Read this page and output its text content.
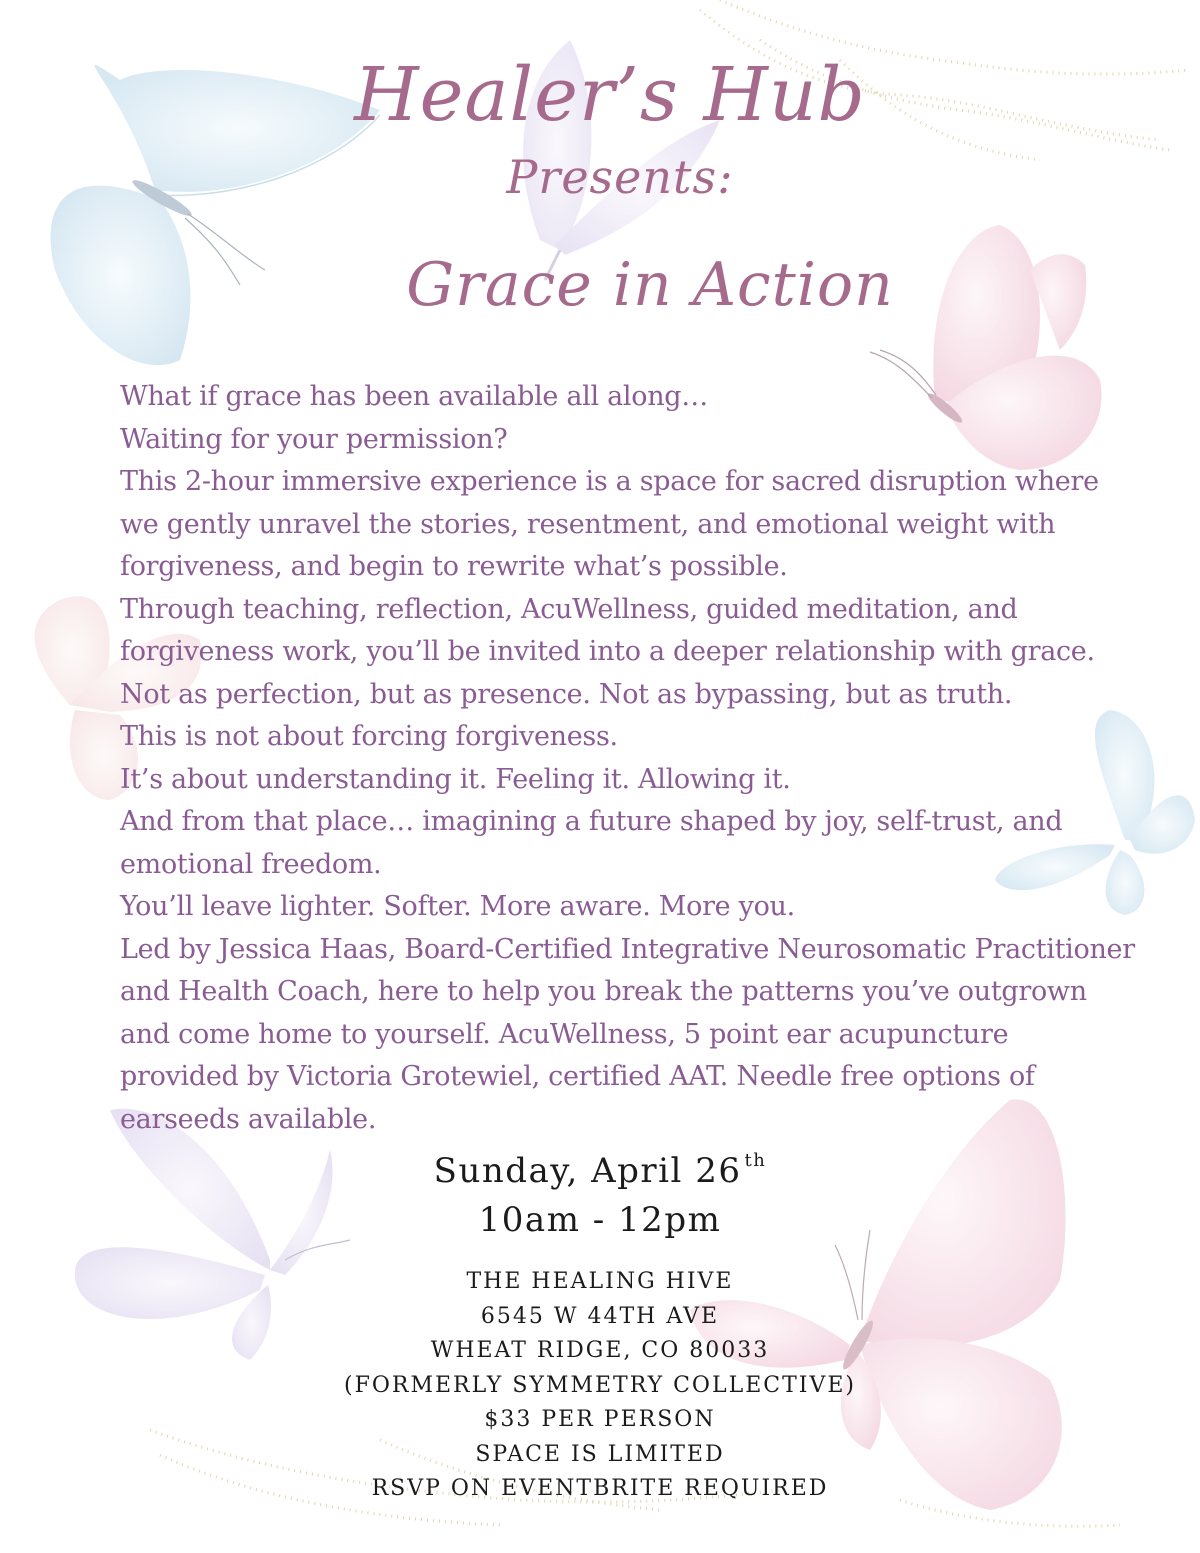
Healer’s Hub
Presents:
Grace in Action
What if grace has been available all along…
Waiting for your permission?
This 2-hour immersive experience is a space for sacred disruption where
we gently unravel the stories, resentment, and emotional weight with
forgiveness, and begin to rewrite what’s possible.
Through teaching, reflection, AcuWellness, guided meditation, and
forgiveness work, you’ll be invited into a deeper relationship with grace.
Not as perfection, but as presence. Not as bypassing, but as truth.
This is not about forcing forgiveness.
It’s about understanding it. Feeling it. Allowing it.
And from that place… imagining a future shaped by joy, self-trust, and
emotional freedom.
You’ll leave lighter. Softer. More aware. More you.
Led by Jessica Haas, Board-Certified Integrative Neurosomatic Practitioner
and Health Coach, here to help you break the patterns you’ve outgrown
and come home to yourself. AcuWellness, 5 point ear acupuncture
provided by Victoria Grotewiel, certified AAT. Needle free options of
earseeds available.
Sunday, April 26 $^{th}$
10am - 12pm
THE HEALING HIVE
6545 W 44TH AVE
WHEAT RIDGE, CO 80033
(FORMERLY SYMMETRY COLLECTIVE)
$33 PER PERSON
SPACE IS LIMITED
RSVP ON EVENTBRITE REQUIRED
